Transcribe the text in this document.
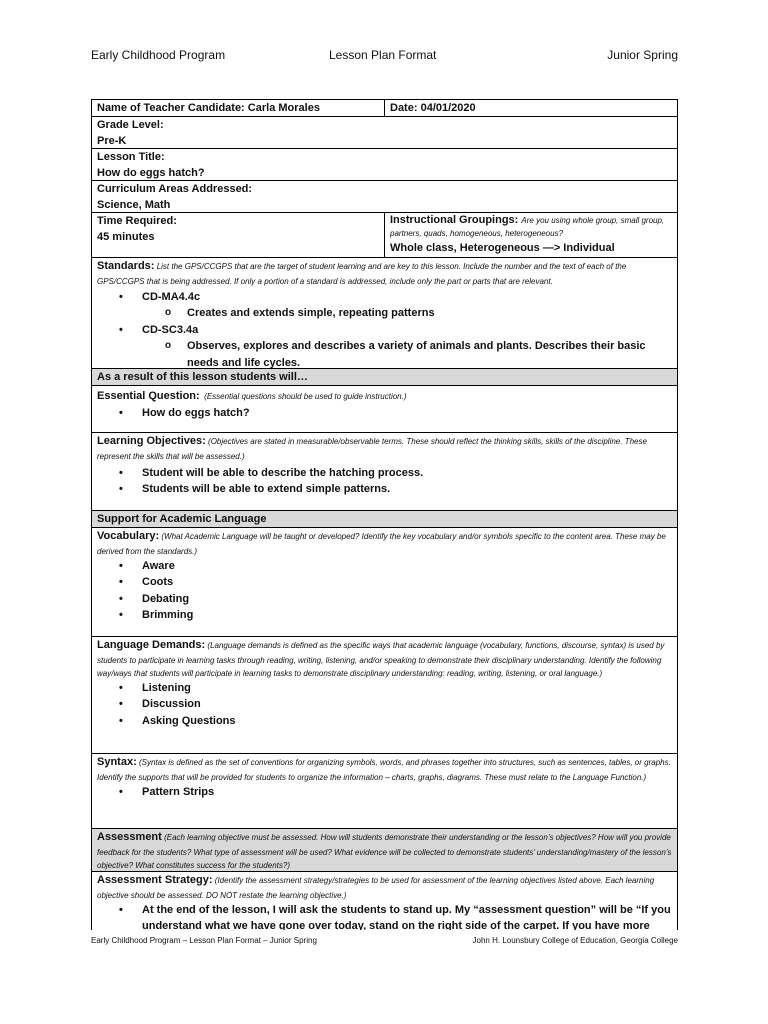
Early Childhood Program	Lesson Plan Format	Junior Spring
Name of Teacher Candidate: Carla Morales	Date: 04/01/2020
Grade Level:
Pre-K
Lesson Title:
How do eggs hatch?
Curriculum Areas Addressed:
Science, Math
Time Required:
45 minutes
Instructional Groupings: Are you using whole group, small group, partners, quads, homogeneous, heterogeneous?
Whole class, Heterogeneous —> Individual
Standards: List the GPS/CCGPS that are the target of student learning and are key to this lesson. Include the number and the text of each of the GPS/CCGPS that is being addressed. If only a portion of a standard is addressed, include only the part or parts that are relevant.
• CD-MA4.4c
o Creates and extends simple, repeating patterns
• CD-SC3.4a
o Observes, explores and describes a variety of animals and plants. Describes their basic needs and life cycles.
As a result of this lesson students will…
Essential Question: (Essential questions should be used to guide instruction.)
• How do eggs hatch?
Learning Objectives: (Objectives are stated in measurable/observable terms. These should reflect the thinking skills, skills of the discipline. These represent the skills that will be assessed.)
• Student will be able to describe the hatching process.
• Students will be able to extend simple patterns.
Support for Academic Language
Vocabulary: (What Academic Language will be taught or developed? Identify the key vocabulary and/or symbols specific to the content area. These may be derived from the standards.)
• Aware
• Coots
• Debating
• Brimming
Language Demands: (Language demands is defined as the specific ways that academic language (vocabulary, functions, discourse, syntax) is used by students to participate in learning tasks through reading, writing, listening, and/or speaking to demonstrate their disciplinary understanding. Identify the following way/ways that students will participate in learning tasks to demonstrate disciplinary understanding: reading, writing, listening, or oral language.)
• Listening
• Discussion
• Asking Questions
Syntax: (Syntax is defined as the set of conventions for organizing symbols, words, and phrases together into structures, such as sentences, tables, or graphs. Identify the supports that will be provided for students to organize the information – charts, graphs, diagrams. These must relate to the Language Function.)
• Pattern Strips
Assessment (Each learning objective must be assessed. How will students demonstrate their understanding or the lesson’s objectives? How will you provide feedback for the students? What type of assessment will be used? What evidence will be collected to demonstrate students’ understanding/mastery of the lesson’s objective? What constitutes success for the students?)
Assessment Strategy: (Identify the assessment strategy/strategies to be used for assessment of the learning objectives listed above. Each learning objective should be assessed. DO NOT restate the learning objective.)
• At the end of the lesson, I will ask the students to stand up. My “assessment question” will be “If you understand what we have gone over today, stand on the right side of the carpet. If you have more
Early Childhood Program – Lesson Plan Format – Junior Spring	John H. Lounsbury College of Education, Georgia College
